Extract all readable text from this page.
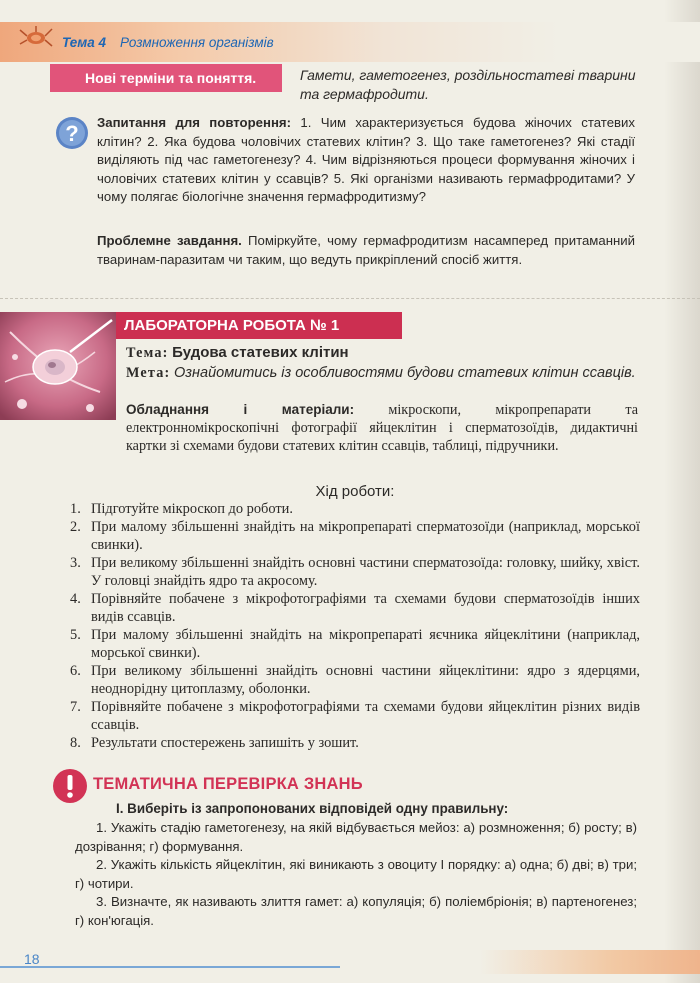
Тема 4 Розмноження організмів
Нові терміни та поняття.	Гамети, гаметогенез, роздільностатеві тварини та гермафродити.
? Запитання для повторення: 1. Чим характеризується будова жіночих статевих клітин? 2. Яка будова чоловічих статевих клітин? 3. Що таке гаметогенез? Які стадії виділяють під час гаметогенезу? 4. Чим відрізняються процеси формування жіночих і чоловічих статевих клітин у ссавців? 5. Які організми називають гермафродитами? У чому полягає біологічне значення гермафродитизму?
Проблемне завдання. Поміркуйте, чому гермафродитизм насамперед притаманний тваринам-паразитам чи таким, що ведуть прикріплений спосіб життя.
ЛАБОРАТОРНА РОБОТА № 1
Тема: Будова статевих клітин
Мета: Ознайомитись із особливостями будови статевих клітин ссавців.
Обладнання і матеріали: мікроскопи, мікропрепарати та електронномікроскопічні фотографії яйцеклітин і сперматозоїдів, дидактичні картки зі схемами будови статевих клітин ссавців, таблиці, підручники.
Хід роботи:
1. Підготуйте мікроскоп до роботи.
2. При малому збільшенні знайдіть на мікропрепараті сперматозоїди (наприклад, морської свинки).
3. При великому збільшенні знайдіть основні частини сперматозоїда: головку, шийку, хвіст. У головці знайдіть ядро та акросому.
4. Порівняйте побачене з мікрофотографіями та схемами будови сперматозоїдів інших видів ссавців.
5. При малому збільшенні знайдіть на мікропрепараті яєчника яйцеклітини (наприклад, морської свинки).
6. При великому збільшенні знайдіть основні частини яйцеклітини: ядро з ядерцями, неоднорідну цитоплазму, оболонки.
7. Порівняйте побачене з мікрофотографіями та схемами будови яйцеклітин різних видів ссавців.
8. Результати спостережень запишіть у зошит.
ТЕМАТИЧНА ПЕРЕВІРКА ЗНАНЬ
I. Виберіть із запропонованих відповідей одну правильну:

1. Укажіть стадію гаметогенезу, на якій відбувається мейоз: а) розмноження; б) росту; в) дозрівання; г) формування.

2. Укажіть кількість яйцеклітин, які виникають з овоциту I порядку: а) одна; б) дві; в) три; г) чотири.

3. Визначте, як називають злиття гамет: а) копуляція; б) поліембріонія; в) партеногенез; г) кон'югація.

18
